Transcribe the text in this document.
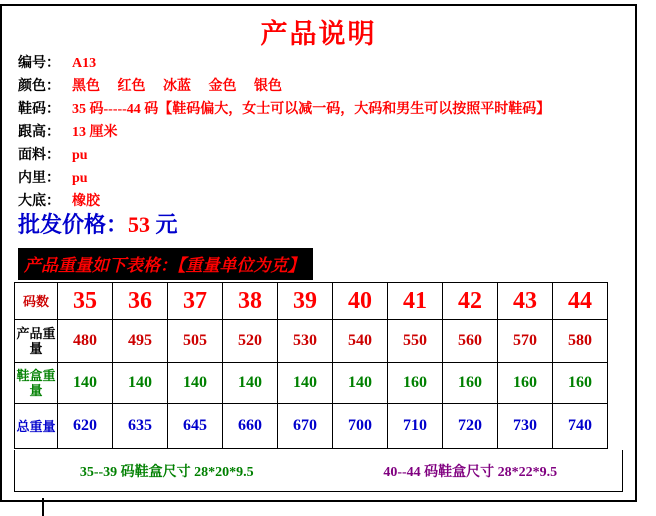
产品说明
编号： A13
颜色： 黑色 红色 冰蓝 金色 银色
鞋码： 35 码-----44 码【鞋码偏大，女士可以减一码，大码和男生可以按照平时鞋码】
跟高： 13 厘米
面料： pu
内里： pu
大底： 橡胶
批发价格：53 元
产品重量如下表格：【重量单位为克】
码数	35	36	37	38	39	40	41	42	43	44
产品重量	480	495	505	520	530	540	550	560	570	580
鞋盒重量	140	140	140	140	140	140	160	160	160	160
总重量	620	635	645	660	670	700	710	720	730	740
35--39 码鞋盒尺寸 28*20*9.5	40--44 码鞋盒尺寸 28*22*9.5
